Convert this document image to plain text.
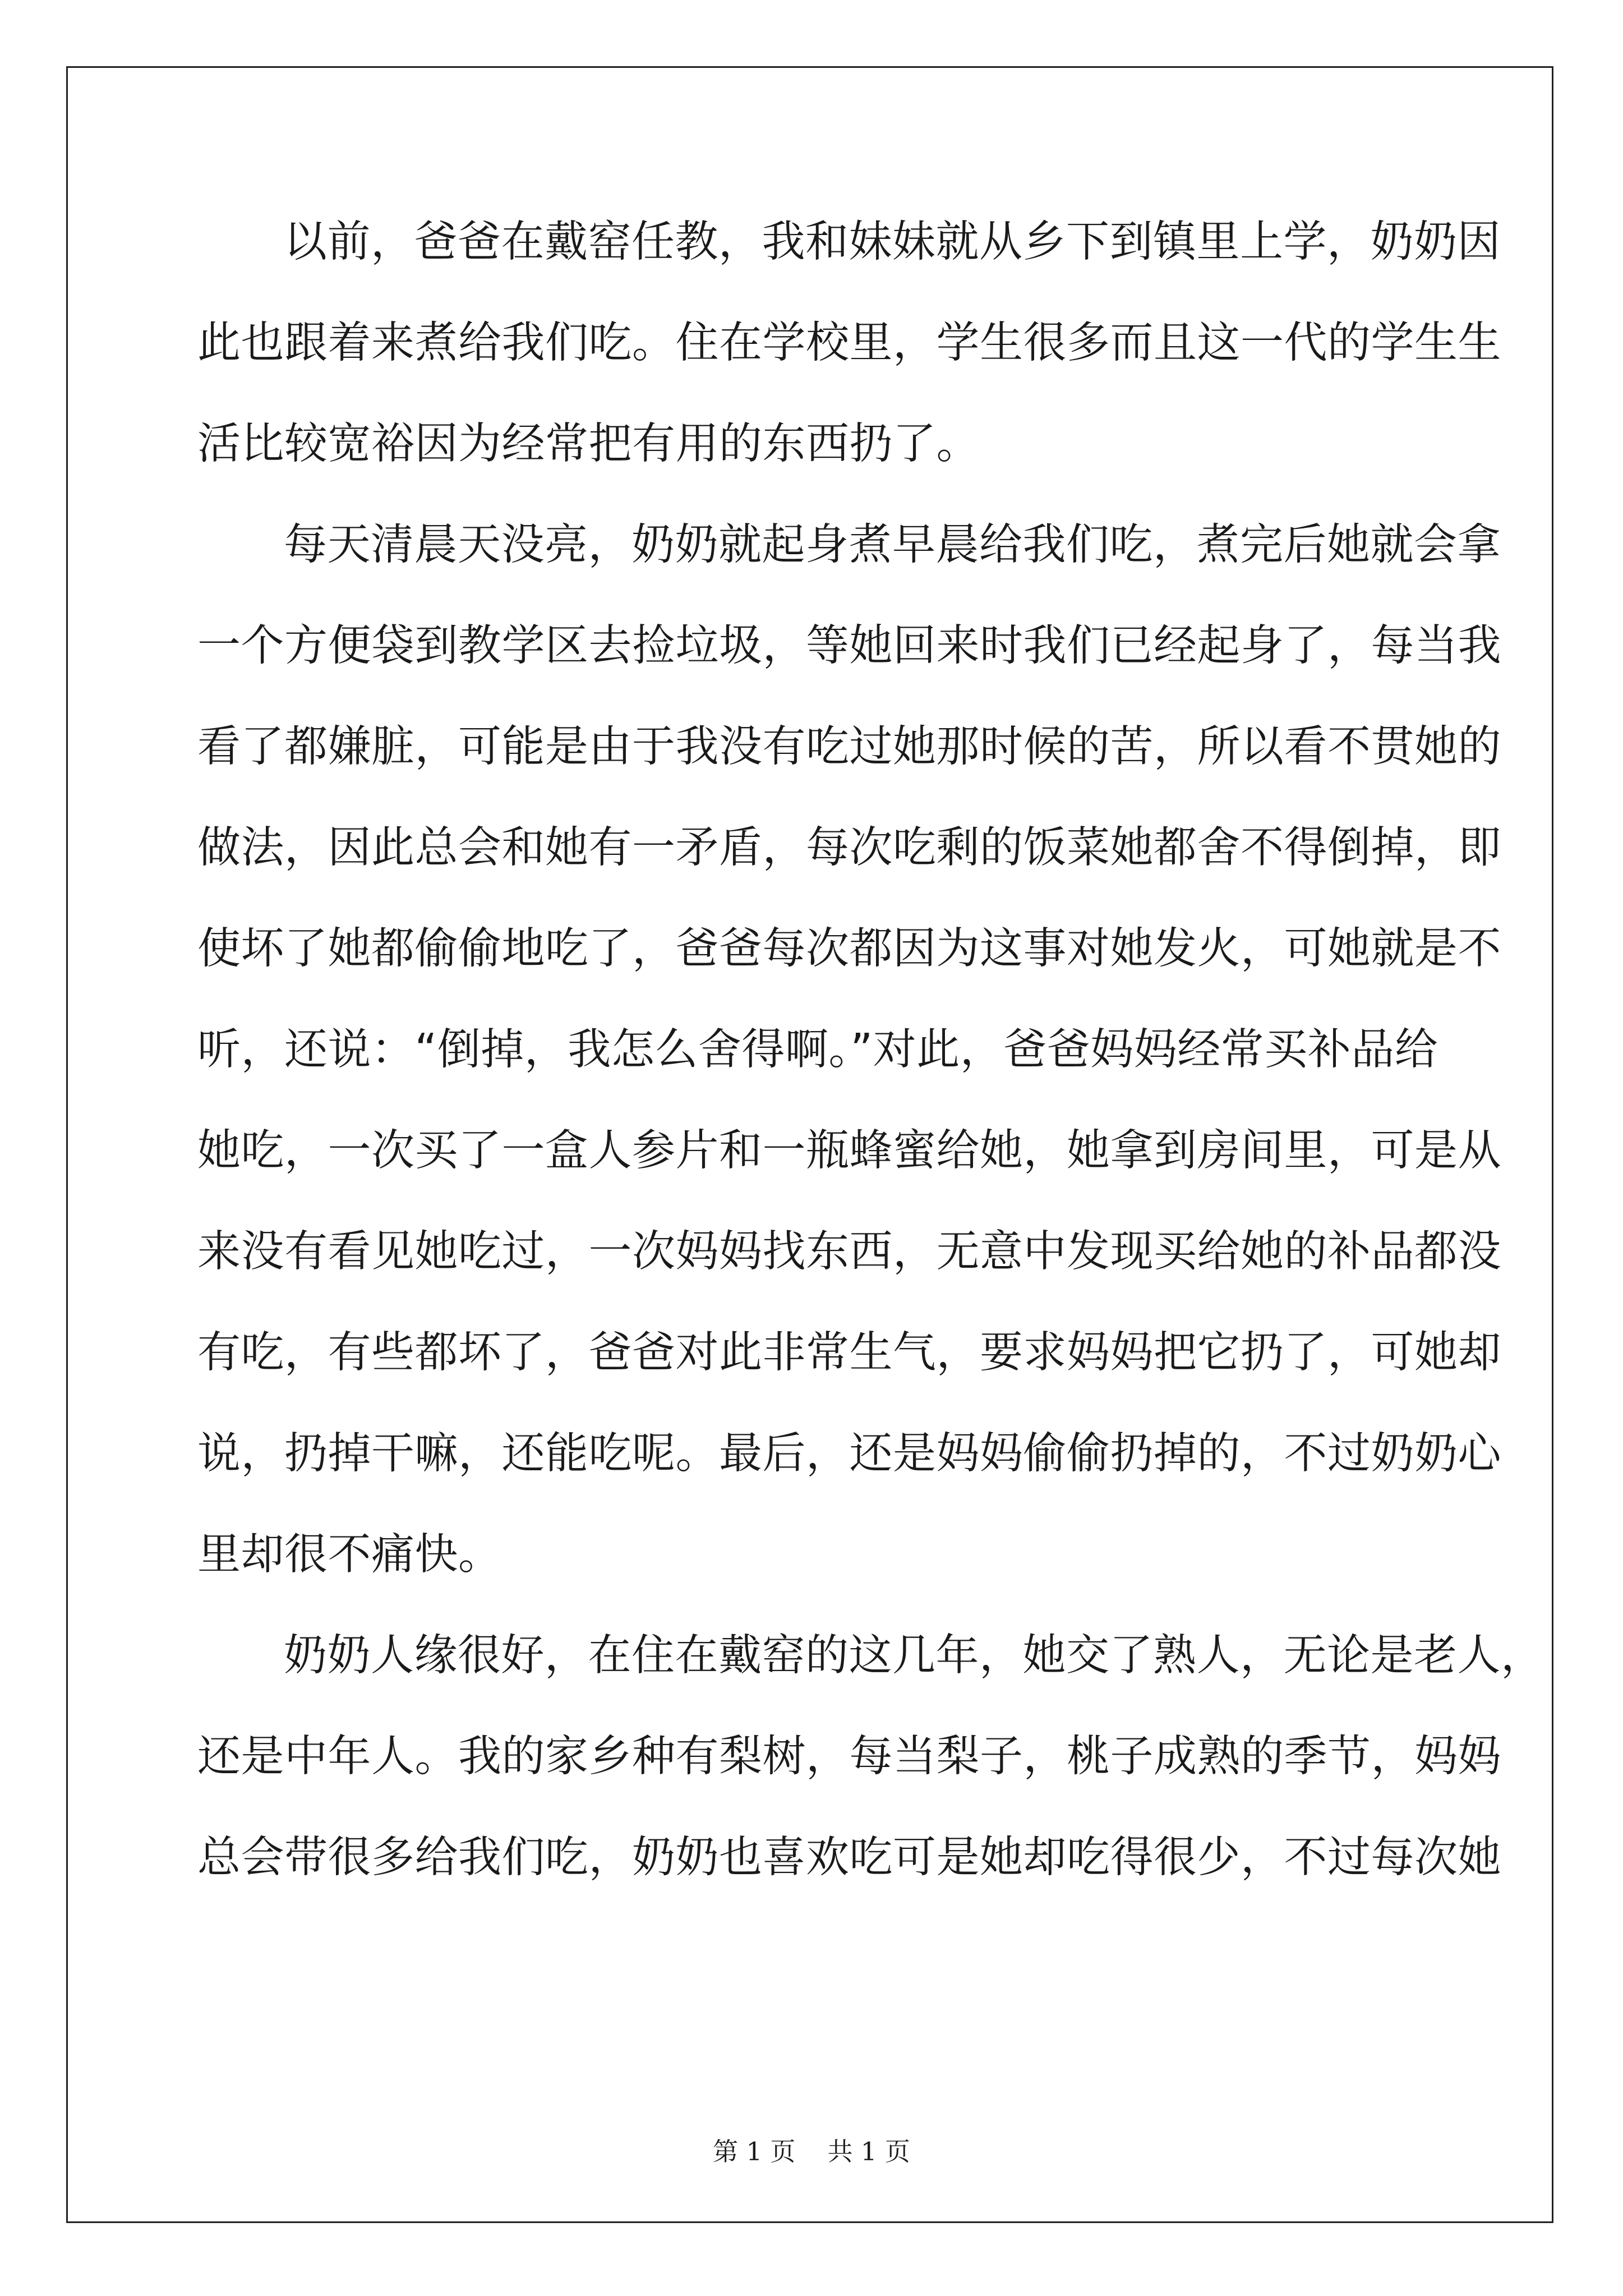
以前，爸爸在戴窑任教，我和妹妹就从乡下到镇里上学，奶奶因
此也跟着来煮给我们吃。住在学校里，学生很多而且这一代的学生生
活比较宽裕因为经常把有用的东西扔了。
每天清晨天没亮，奶奶就起身煮早晨给我们吃，煮完后她就会拿
一个方便袋到教学区去捡垃圾，等她回来时我们已经起身了，每当我
看了都嫌脏，可能是由于我没有吃过她那时候的苦，所以看不贯她的
做法，因此总会和她有一矛盾，每次吃剩的饭菜她都舍不得倒掉，即
使坏了她都偷偷地吃了，爸爸每次都因为这事对她发火，可她就是不
听，还说：“倒掉，我怎么舍得啊。”对此，爸爸妈妈经常买补品给
她吃，一次买了一盒人参片和一瓶蜂蜜给她，她拿到房间里，可是从
来没有看见她吃过，一次妈妈找东西，无意中发现买给她的补品都没
有吃，有些都坏了，爸爸对此非常生气，要求妈妈把它扔了，可她却
说，扔掉干嘛，还能吃呢。最后，还是妈妈偷偷扔掉的，不过奶奶心
里却很不痛快。
奶奶人缘很好，在住在戴窑的这几年，她交了熟人，无论是老人，
还是中年人。我的家乡种有梨树，每当梨子，桃子成熟的季节，妈妈
总会带很多给我们吃，奶奶也喜欢吃可是她却吃得很少，不过每次她
第 1 页    共 1 页
